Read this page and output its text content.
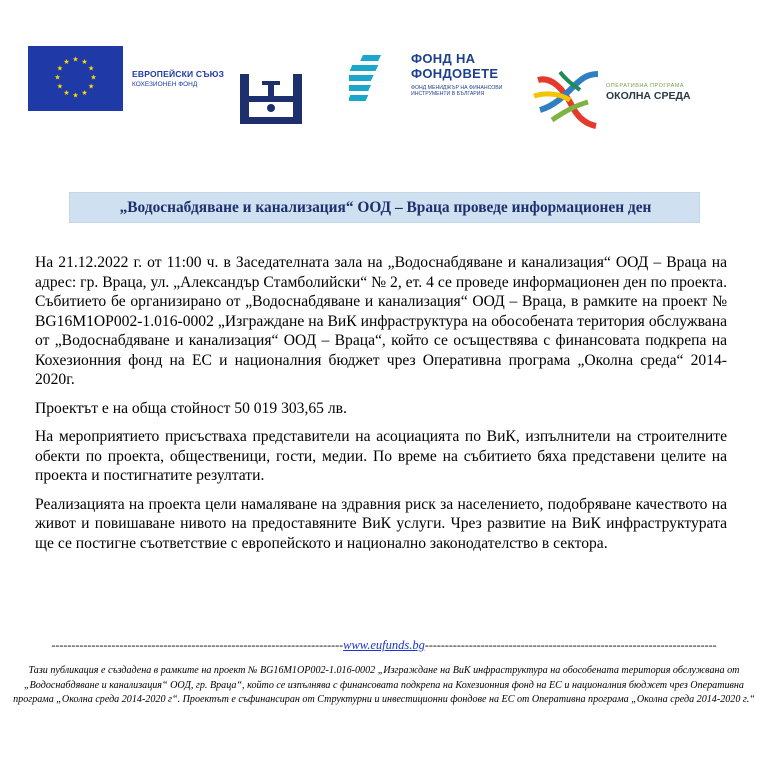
★ ★
★
★
★
★
★
★
★
★
★
★
ЕВРОПЕЙСКИ СЪЮЗ
КОХЕЗИОНЕН ФОНД
ФОНД НА
ФОНДОВЕТЕ
ФОНД МЕНИДЖЪР НА ФИНАНСОВИ ИНСТРУМЕНТИ В БЪЛГАРИЯ
ОПЕРАТИВНА ПРОГРАМА
ОКОЛНА СРЕДА
„Водоснабдяване и канализация“ ООД – Враца проведе информационен ден

На 21.12.2022 г. от 11:00 ч. в Заседателната зала на „Водоснабдяване и канализация“ ООД – Враца на адрес: гр. Враца, ул. „Александър Стамболийски“ № 2, ет. 4 се проведе информационен ден по проекта. Събитието бе организирано от „Водоснабдяване и канализация“ ООД – Враца, в рамките на проект № BG16M1OP002-1.016-0002 „Изграждане на ВиК инфраструктура на обособената територия обслужвана от „Водоснабдяване и канализация“ ООД – Враца“, който се осъществява с финансовата подкрепа на Кохезионния фонд на ЕС и националния бюджет чрез Оперативна програма „Околна среда“ 2014-2020г.

Проектът е на обща стойност 50 019 303,65 лв.

На мероприятието присъстваха представители на асоциацията по ВиК, изпълнители на строителните обекти по проекта, общественици, гости, медии. По време на събитието бяха представени целите на проекта и постигнатите резултати.

Реализацията на проекта цели намаляване на здравния риск за населението, подобряване качеството на живот и повишаване нивото на предоставяните ВиК услуги. Чрез развитие на ВиК инфраструктурата ще се постигне съответствие с европейското и национално законодателство в сектора.

-------------------------------------------------------------------------www.eufunds.bg-------------------------------------------------------------------------
Тази публикация е създадена в рамките на проект № BG16M1OP002-1.016-0002 „Изграждане на ВиК инфраструктура на обособената територия обслужвана от „Водоснабдяване и канализация“ ООД, гр. Враца“, който се изпълнява с финансовата подкрепа на Кохезионния фонд на ЕС и националния бюджет чрез Оперативна програма „Околна среда 2014-2020 г“. Проектът е съфинансиран от Структурни и инвестиционни фондове на ЕС от Оперативна програма „Околна среда 2014-2020 г.“
